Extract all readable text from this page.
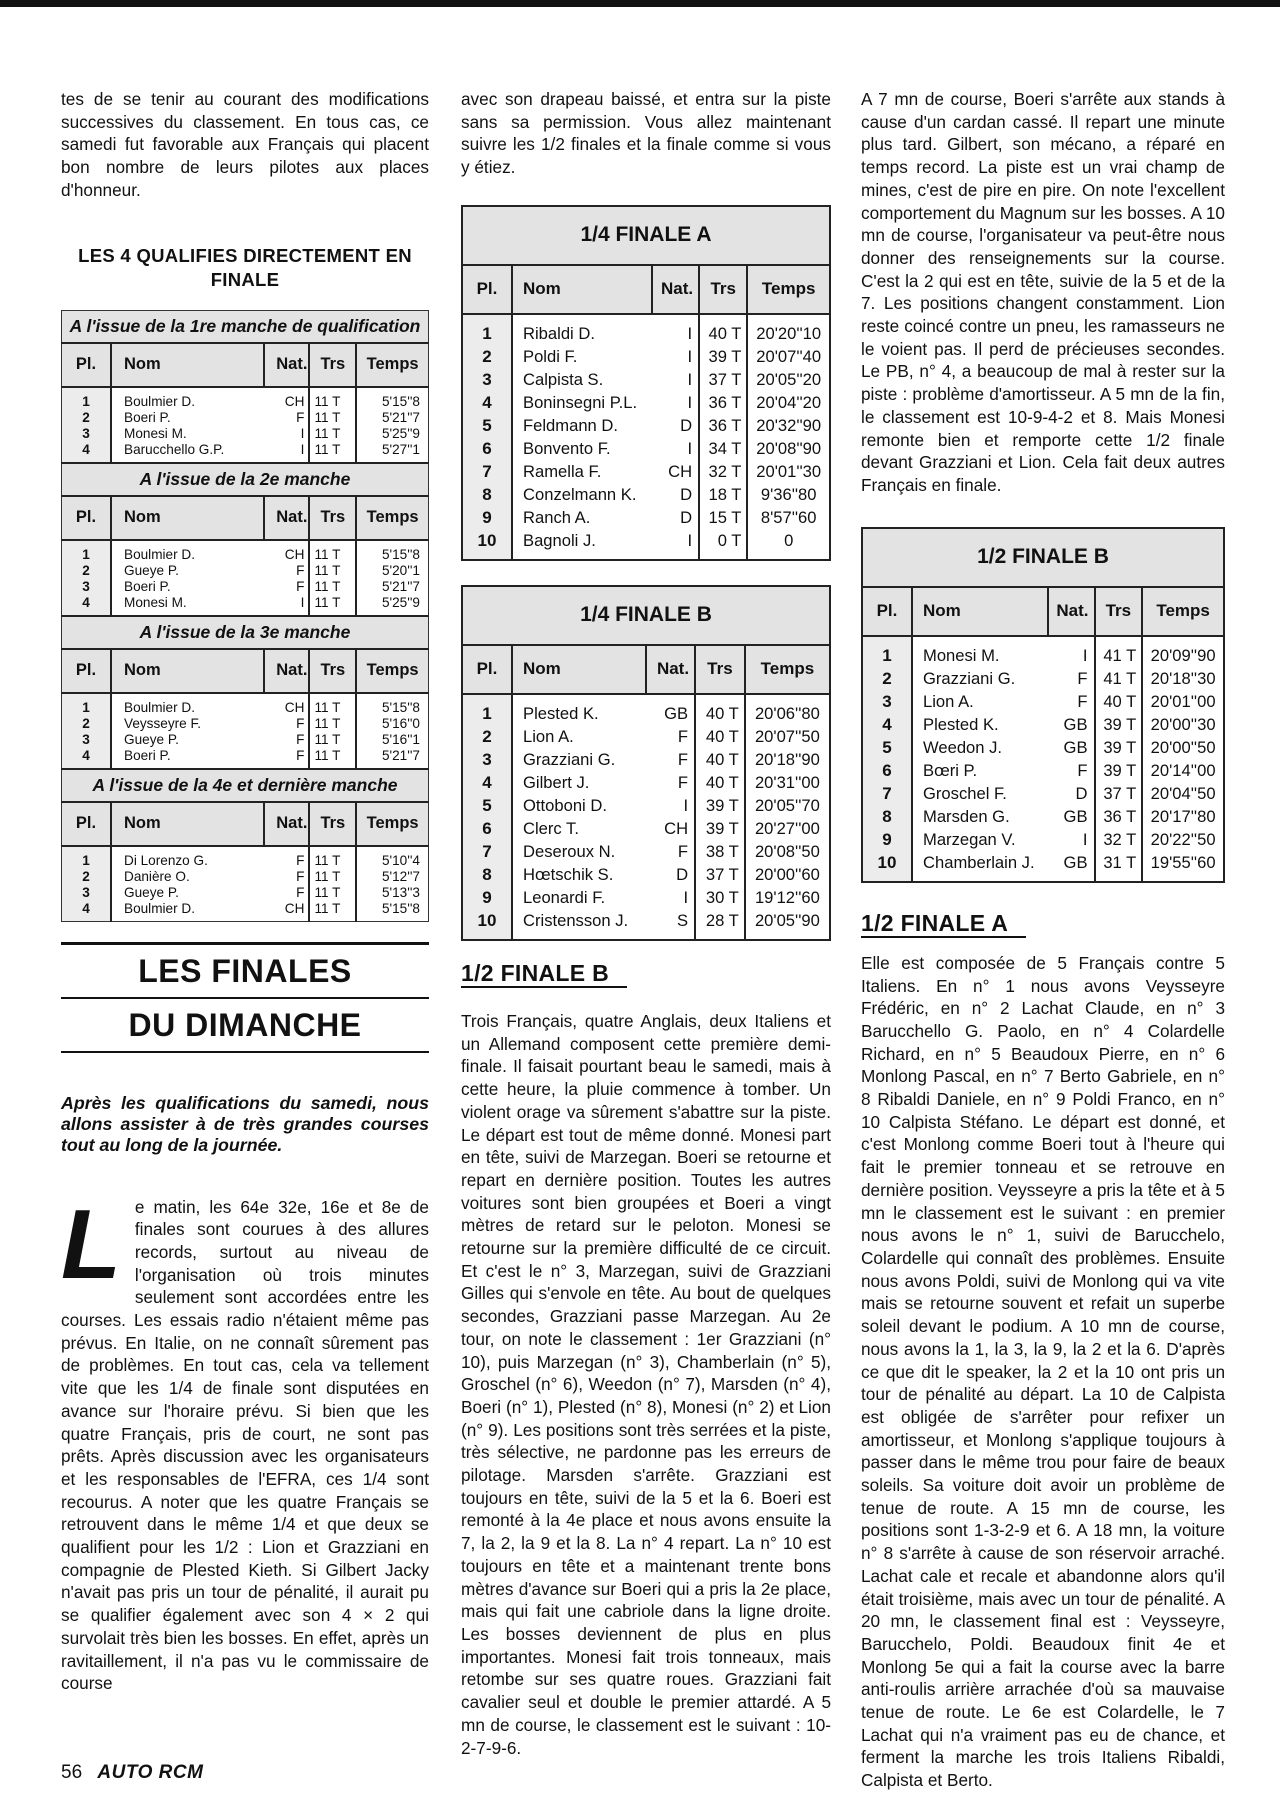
tes de se tenir au courant des modifications successives du classement. En tous cas, ce samedi fut favorable aux Français qui placent bon nombre de leurs pilotes aux places d'honneur.

LES 4 QUALIFIES DIRECTEMENT EN FINALE
A l'issue de la 1re manche de qualification				
Pl.	Nom	Nat.	Trs	Temps
1	Boulmier D.	CH	11 T	5'15''8
2	Boeri P.	F	11 T	5'21''7
3	Monesi M.	I	11 T	5'25''9
4	Barucchello G.P.	I	11 T	5'27''1
A l'issue de la 2e manche				
Pl.	Nom	Nat.	Trs	Temps
1	Boulmier D.	CH	11 T	5'15''8
2	Gueye P.	F	11 T	5'20''1
3	Boeri P.	F	11 T	5'21''7
4	Monesi M.	I	11 T	5'25''9
A l'issue de la 3e manche				
Pl.	Nom	Nat.	Trs	Temps
1	Boulmier D.	CH	11 T	5'15''8
2	Veysseyre F.	F	11 T	5'16''0
3	Gueye P.	F	11 T	5'16''1
4	Boeri P.	F	11 T	5'21''7
A l'issue de la 4e et dernière manche				
Pl.	Nom	Nat.	Trs	Temps
1	Di Lorenzo G.	F	11 T	5'10''4
2	Danière O.	F	11 T	5'12''7
3	Gueye P.	F	11 T	5'13''3
4	Boulmier D.	CH	11 T	5'15''8
LES FINALES
DU DIMANCHE

Après les qualifications du samedi, nous allons assister à de très grandes courses tout au long de la journée.

L e matin, les 64e 32e, 16e et 8e de finales sont courues à des allures records, surtout au niveau de l'organisation où trois minutes seulement sont accordées entre les courses. Les essais radio n'étaient même pas prévus. En Italie, on ne connaît sûrement pas de problèmes. En tout cas, cela va tellement vite que les 1/4 de finale sont disputées en avance sur l'horaire prévu. Si bien que les quatre Français, pris de court, ne sont pas prêts. Après discussion avec les organisateurs et les responsables de l'EFRA, ces 1/4 sont recourus. A noter que les quatre Français se retrouvent dans le même 1/4 et que deux se qualifient pour les 1/2 : Lion et Grazziani en compagnie de Plested Kieth. Si Gilbert Jacky n'avait pas pris un tour de pénalité, il aurait pu se qualifier également avec son 4 × 2 qui survolait très bien les bosses. En effet, après un ravitaillement, il n'a pas vu le commissaire de course

avec son drapeau baissé, et entra sur la piste sans sa permission. Vous allez maintenant suivre les 1/2 finales et la finale comme si vous y étiez.

1/4 FINALE A				
Pl.	Nom	Nat.	Trs	Temps
1	Ribaldi D.	I	40 T	20'20''10
2	Poldi F.	I	39 T	20'07''40
3	Calpista S.	I	37 T	20'05''20
4	Boninsegni P.L.	I	36 T	20'04''20
5	Feldmann D.	D	36 T	20'32''90
6	Bonvento F.	I	34 T	20'08''90
7	Ramella F.	CH	32 T	20'01''30
8	Conzelmann K.	D	18 T	9'36''80
9	Ranch A.	D	15 T	8'57''60
10	Bagnoli J.	I	0 T	0
1/4 FINALE B				
Pl.	Nom	Nat.	Trs	Temps
1	Plested K.	GB	40 T	20'06''80
2	Lion A.	F	40 T	20'07''50
3	Grazziani G.	F	40 T	20'18''90
4	Gilbert J.	F	40 T	20'31''00
5	Ottoboni D.	I	39 T	20'05''70
6	Clerc T.	CH	39 T	20'27''00
7	Deseroux N.	F	38 T	20'08''50
8	Hœtschik S.	D	37 T	20'00''60
9	Leonardi F.	I	30 T	19'12''60
10	Cristensson J.	S	28 T	20'05''90
1/2 FINALE B

Trois Français, quatre Anglais, deux Italiens et un Allemand composent cette première demi-finale. Il faisait pourtant beau le samedi, mais à cette heure, la pluie commence à tomber. Un violent orage va sûrement s'abattre sur la piste. Le départ est tout de même donné. Monesi part en tête, suivi de Marzegan. Boeri se retourne et repart en dernière position. Toutes les autres voitures sont bien groupées et Boeri a vingt mètres de retard sur le peloton. Monesi se retourne sur la première difficulté de ce circuit. Et c'est le n° 3, Marzegan, suivi de Grazziani Gilles qui s'envole en tête. Au bout de quelques secondes, Grazziani passe Marzegan. Au 2e tour, on note le classement : 1er Grazziani (n° 10), puis Marzegan (n° 3), Chamberlain (n° 5), Groschel (n° 6), Weedon (n° 7), Marsden (n° 4), Boeri (n° 1), Plested (n° 8), Monesi (n° 2) et Lion (n° 9). Les positions sont très serrées et la piste, très sélective, ne pardonne pas les erreurs de pilotage. Marsden s'arrête. Grazziani est toujours en tête, suivi de la 5 et la 6. Boeri est remonté à la 4e place et nous avons ensuite la 7, la 2, la 9 et la 8. La n° 4 repart. La n° 10 est toujours en tête et a maintenant trente bons mètres d'avance sur Boeri qui a pris la 2e place, mais qui fait une cabriole dans la ligne droite. Les bosses deviennent de plus en plus importantes. Monesi fait trois tonneaux, mais retombe sur ses quatre roues. Grazziani fait cavalier seul et double le premier attardé. A 5 mn de course, le classement est le suivant : 10-2-7-9-6.

A 7 mn de course, Boeri s'arrête aux stands à cause d'un cardan cassé. Il repart une minute plus tard. Gilbert, son mécano, a réparé en temps record. La piste est un vrai champ de mines, c'est de pire en pire. On note l'excellent comportement du Magnum sur les bosses. A 10 mn de course, l'organisateur va peut-être nous donner des renseignements sur la course. C'est la 2 qui est en tête, suivie de la 5 et de la 7. Les positions changent constamment. Lion reste coincé contre un pneu, les ramasseurs ne le voient pas. Il perd de précieuses secondes. Le PB, n° 4, a beaucoup de mal à rester sur la piste : problème d'amortisseur. A 5 mn de la fin, le classement est 10-9-4-2 et 8. Mais Monesi remonte bien et remporte cette 1/2 finale devant Grazziani et Lion. Cela fait deux autres Français en finale.

1/2 FINALE B				
Pl.	Nom	Nat.	Trs	Temps
1	Monesi M.	I	41 T	20'09''90
2	Grazziani G.	F	41 T	20'18''30
3	Lion A.	F	40 T	20'01''00
4	Plested K.	GB	39 T	20'00''30
5	Weedon J.	GB	39 T	20'00''50
6	Bœri P.	F	39 T	20'14''00
7	Groschel F.	D	37 T	20'04''50
8	Marsden G.	GB	36 T	20'17''80
9	Marzegan V.	I	32 T	20'22''50
10	Chamberlain J.	GB	31 T	19'55''60
1/2 FINALE A

Elle est composée de 5 Français contre 5 Italiens. En n° 1 nous avons Veysseyre Frédéric, en n° 2 Lachat Claude, en n° 3 Barucchello G. Paolo, en n° 4 Colardelle Richard, en n° 5 Beaudoux Pierre, en n° 6 Monlong Pascal, en n° 7 Berto Gabriele, en n° 8 Ribaldi Daniele, en n° 9 Poldi Franco, en n° 10 Calpista Stéfano. Le départ est donné, et c'est Monlong comme Boeri tout à l'heure qui fait le premier tonneau et se retrouve en dernière position. Veysseyre a pris la tête et à 5 mn le classement est le suivant : en premier nous avons le n° 1, suivi de Barucchelo, Colardelle qui connaît des problèmes. Ensuite nous avons Poldi, suivi de Monlong qui va vite mais se retourne souvent et refait un superbe soleil devant le podium. A 10 mn de course, nous avons la 1, la 3, la 9, la 2 et la 6. D'après ce que dit le speaker, la 2 et la 10 ont pris un tour de pénalité au départ. La 10 de Calpista est obligée de s'arrêter pour refixer un amortisseur, et Monlong s'applique toujours à passer dans le même trou pour faire de beaux soleils. Sa voiture doit avoir un problème de tenue de route. A 15 mn de course, les positions sont 1-3-2-9 et 6. A 18 mn, la voiture n° 8 s'arrête à cause de son réservoir arraché. Lachat cale et recale et abandonne alors qu'il était troisième, mais avec un tour de pénalité. A 20 mn, le classement final est : Veysseyre, Barucchelo, Poldi. Beaudoux finit 4e et Monlong 5e qui a fait la course avec la barre anti-roulis arrière arrachée d'où sa mauvaise tenue de route. Le 6e est Colardelle, le 7 Lachat qui n'a vraiment pas eu de chance, et ferment la marche les trois Italiens Ribaldi, Calpista et Berto.

56 AUTO RCM
